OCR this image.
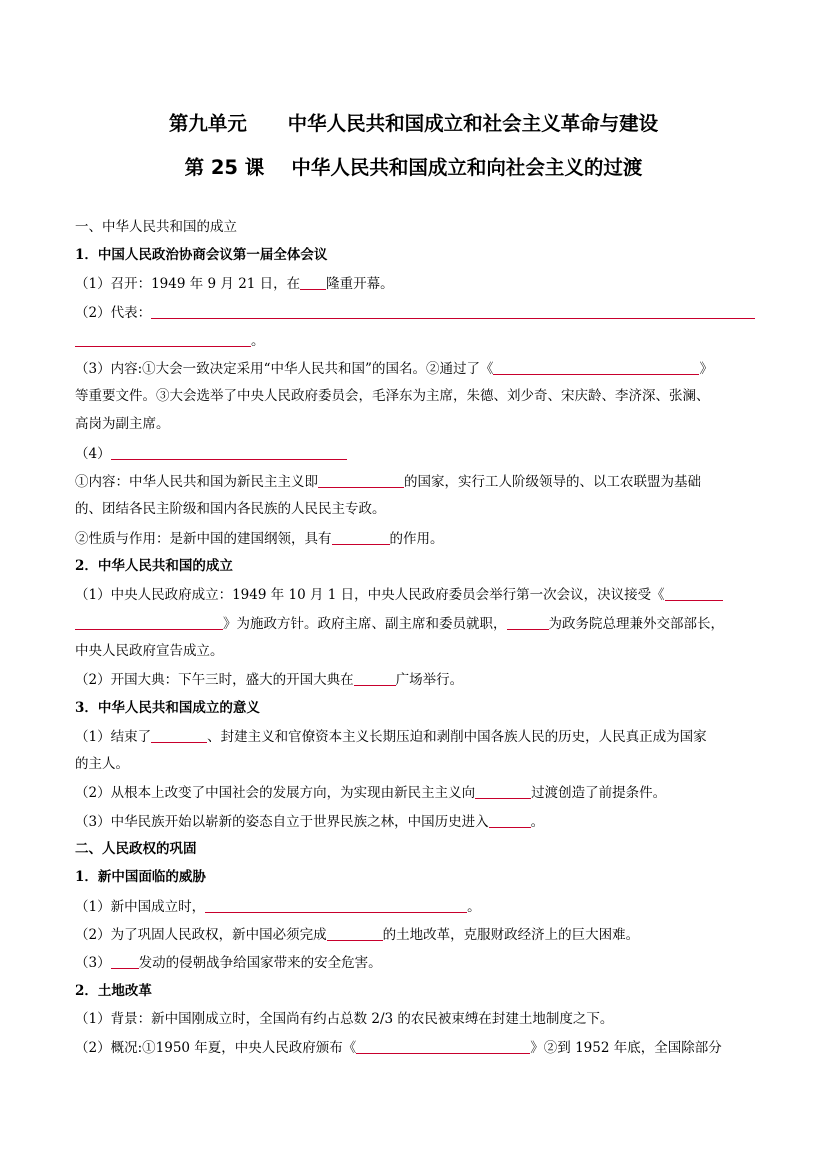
第九单元      中华人民共和国成立和社会主义革命与建设
第 25 课    中华人民共和国成立和向社会主义的过渡
一、中华人民共和国的成立
1．中国人民政治协商会议第一届全体会议
（1）召开：1949 年 9 月 21 日，在 隆重开幕。
（2）代表：
。
（3）内容:①大会一致决定采用“中华人民共和国”的国名。②通过了《	》
等重要文件。③大会选举了中央人民政府委员会，毛泽东为主席，朱德、刘少奇、宋庆龄、李济深、张澜、
高岗为副主席。
（4）
①内容：中华人民共和国为新民主主义即	的国家，实行工人阶级领导的、以工农联盟为基础
的、团结各民主阶级和国内各民族的人民民主专政。
②性质与作用：是新中国的建国纲领，具有	的作用。
2．中华人民共和国的成立
（1）中央人民政府成立：1949 年 10 月 1 日，中央人民政府委员会举行第一次会议，决议接受《
》为施政方针。政府主席、副主席和委员就职，	为政务院总理兼外交部部长，
中央人民政府宣告成立。
（2）开国大典：下午三时，盛大的开国大典在	广场举行。
3．中华人民共和国成立的意义
（1）结束了	、封建主义和官僚资本主义长期压迫和剥削中国各族人民的历史，人民真正成为国家
的主人。
（2）从根本上改变了中国社会的发展方向，为实现由新民主主义向	过渡创造了前提条件。
（3）中华民族开始以崭新的姿态自立于世界民族之林，中国历史进入	。
二、人民政权的巩固
1．新中国面临的威胁
（1）新中国成立时，	。
（2）为了巩固人民政权，新中国必须完成	的土地改革，克服财政经济上的巨大困难。
（3） 发动的侵朝战争给国家带来的安全危害。
2．土地改革
（1）背景：新中国刚成立时，全国尚有约占总数 2/3 的农民被束缚在封建土地制度之下。
（2）概况:①1950 年夏，中央人民政府颁布《	》②到 1952 年底，全国除部分
